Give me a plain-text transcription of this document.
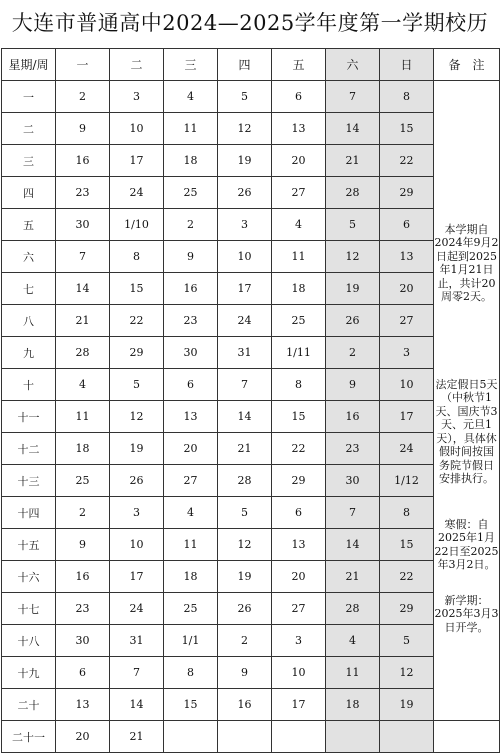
大连市普通高中2024—2025学年度第一学期校历
星期/周	一	二	三	四	五	六	日	备　注
一	2	3	4	5	6	7	8	本学期自2024年9月2日起到2025年1月21日止，共计20周零2天。
法定假日5天（中秋节1天、国庆节3天、元旦1天），具体休假时间按国务院节假日安排执行。
寒假：自2025年1月22日至2025年3月2日。
新学期：2025年3月3日开学。

二	9	10	11	12	13	14	15	
三	16	17	18	19	20	21	22	
四	23	24	25	26	27	28	29	
五	30	1/10	2	3	4	5	6	
六	7	8	9	10	11	12	13	
七	14	15	16	17	18	19	20	
八	21	22	23	24	25	26	27	
九	28	29	30	31	1/11	2	3	
十	4	5	6	7	8	9	10	
十一	11	12	13	14	15	16	17	
十二	18	19	20	21	22	23	24	
十三	25	26	27	28	29	30	1/12	
十四	2	3	4	5	6	7	8	
十五	9	10	11	12	13	14	15	
十六	16	17	18	19	20	21	22	
十七	23	24	25	26	27	28	29	
十八	30	31	1/1	2	3	4	5	
十九	6	7	8	9	10	11	12	
二十	13	14	15	16	17	18	19	
二十一	20	21						
